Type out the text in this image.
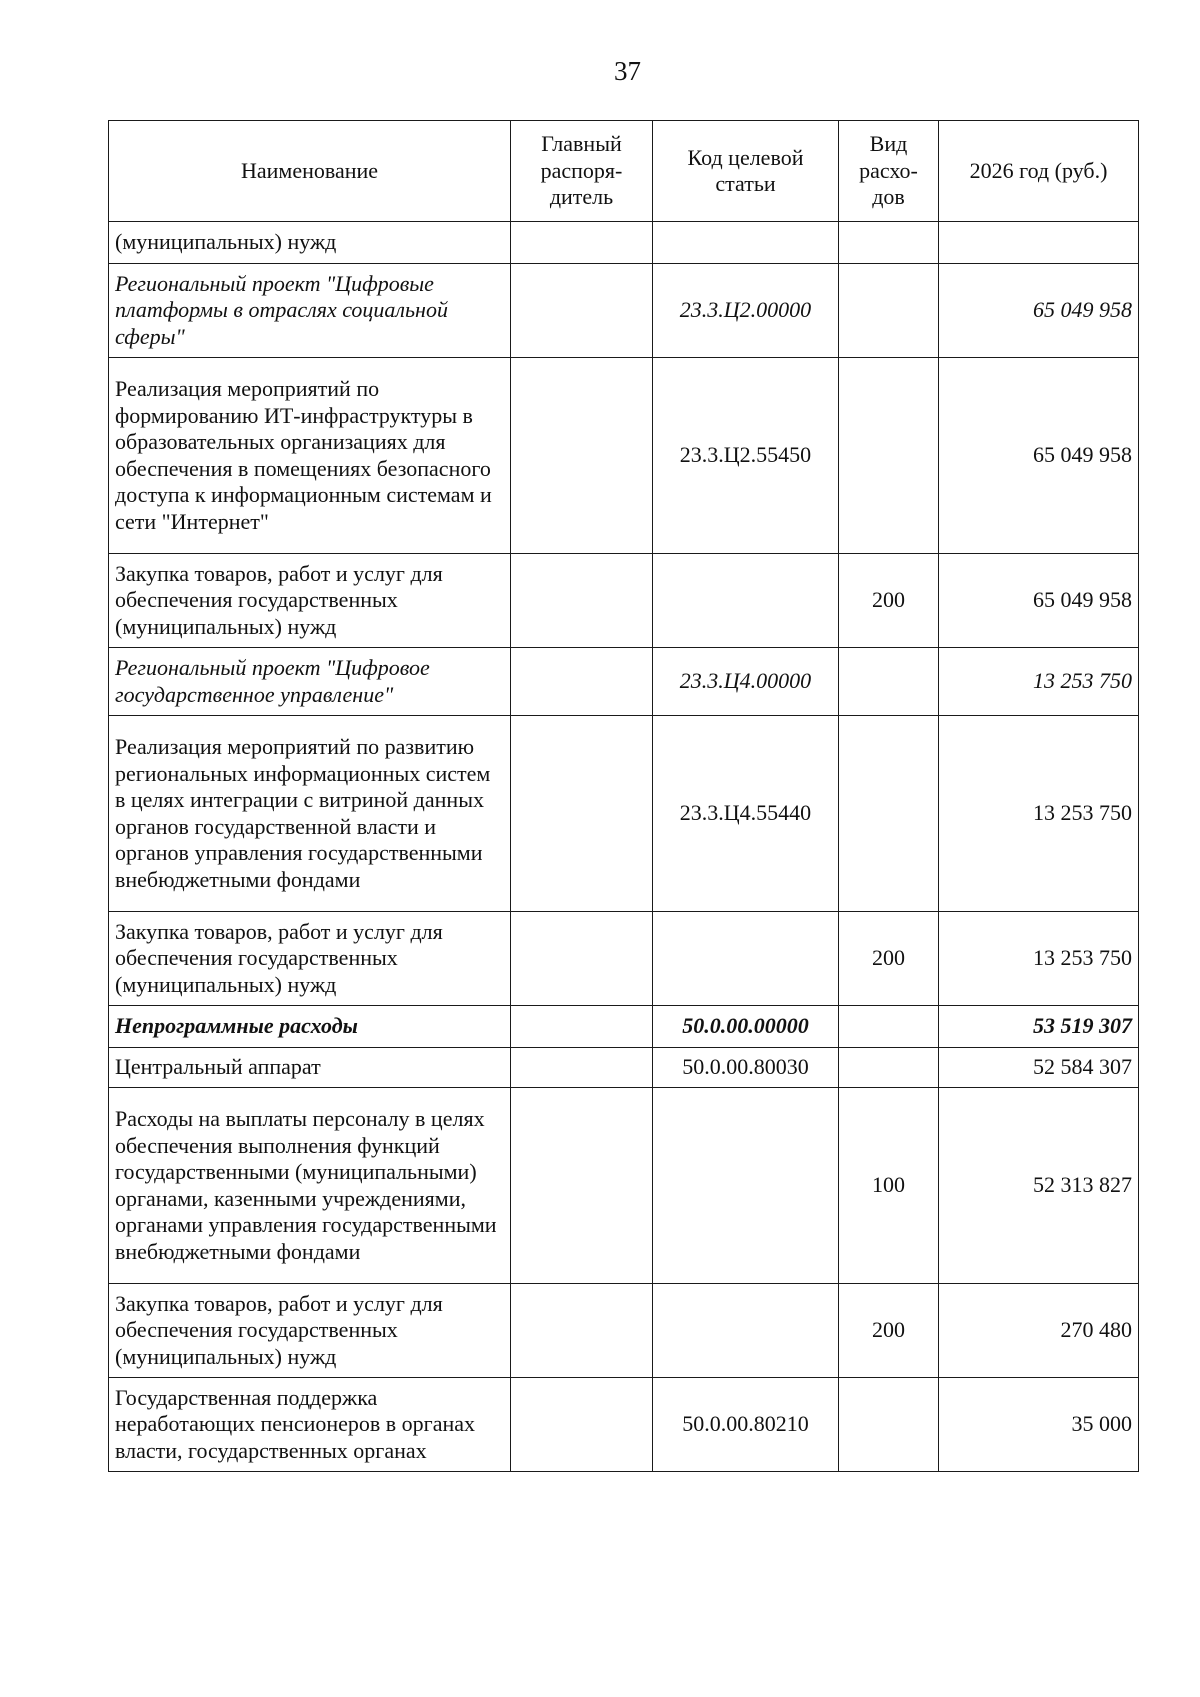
37
Наименование	Главный распоря-дитель	Код целевой статьи	Вид расхо-дов	2026 год (руб.)
(муниципальных) нужд				
Региональный проект "Цифровые платформы в отраслях социальной сферы"		23.3.Ц2.00000		65 049 958
Реализация мероприятий по формированию ИТ-инфраструктуры в образовательных организациях для обеспечения в помещениях безопасного доступа к информационным системам и сети "Интернет"		23.3.Ц2.55450		65 049 958
Закупка товаров, работ и услуг для обеспечения государственных (муниципальных) нужд			200	65 049 958
Региональный проект "Цифровое государственное управление"		23.3.Ц4.00000		13 253 750
Реализация мероприятий по развитию региональных информационных систем в целях интеграции с витриной данных органов государственной власти и органов управления государственными внебюджетными фондами		23.3.Ц4.55440		13 253 750
Закупка товаров, работ и услуг для обеспечения государственных (муниципальных) нужд			200	13 253 750
Непрограммные расходы		50.0.00.00000		53 519 307
Центральный аппарат		50.0.00.80030		52 584 307
Расходы на выплаты персоналу в целях обеспечения выполнения функций государственными (муниципальными) органами, казенными учреждениями, органами управления государственными внебюджетными фондами			100	52 313 827
Закупка товаров, работ и услуг для обеспечения государственных (муниципальных) нужд			200	270 480
Государственная поддержка неработающих пенсионеров в органах власти, государственных органах		50.0.00.80210		35 000
